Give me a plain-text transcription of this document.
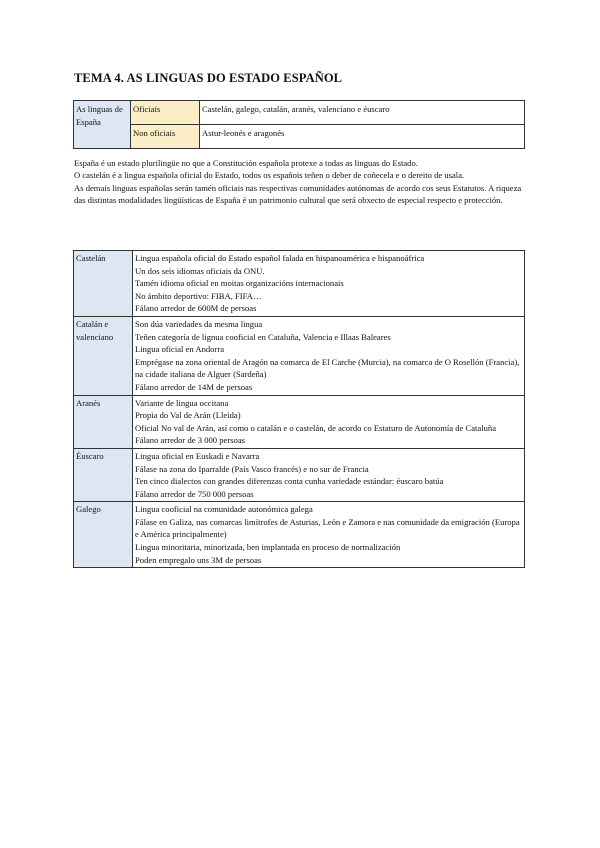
TEMA 4. AS LINGUAS DO ESTADO ESPAÑOL
As linguas de España	Oficiais	Castelán, galego, catalán, aranés, valenciano e éuscaro
	Non oficiais	Astur-leonés e aragonés

España é un estado plurilingüe no que a Constitución española protexe a todas as linguas do Estado.

O castelán é a lingua española oficial do Estado, todos os españois teñen o deber de coñecela e o dereito de usala.

As demais linguas españolas serán tamén oficiais nas respectivas comunidades autónomas de acordo cos seus Estatutos. A riqueza das distintas modalidades lingüísticas de España é un patrimonio cultural que será obxecto de especial respecto e protección.

Castelán	Lingua española oficial do Estado español falada en hispanoamérica e hispanoáfrica
Un dos seis idiomas oficiais da ONU.
Tamén idioma oficial en moitas organizacións internacionais
No ámbito deportivo: FIBA, FIFA…
Fálano arredor de 600M de persoas

Catalán e valenciano	Son dúa variedades da mesma lingua
Teñen categoría de lignua cooficial en Cataluña, Valencia e Illaas Baleares
Lingua oficial en Andorra
Emprégase na zona oriental de Aragón na comarca de El Carche (Murcia), na comarca de O Rosellón (Francia), na cidade italiana de Alguer (Sardeña)
Fálano arredor de 14M de persoas

Aranés	Variante de lingua occitana
Propia do Val de Arán (Lleida)
Oficial No val de Arán, así como o catalán e o castelán, de acordo co Estaturo de Autonomía de Cataluña
Fálano arredor de 3 000 persoas

Éuscaro	Lingua oficial en Euskadi e Navarra
Fálase na zona do Iparralde (País Vasco francés) e no sur de Francia
Ten cinco dialectos con grandes diferenzas conta cunha variedade estándar: éuscaro batúa
Fálano arredor de 750 000 persoas

Galego	Lingua cooficial na comunidade autonómica galega
Fálase en Galiza, nas comarcas limítrofes de Asturias, León e Zamora e nas comunidade da emigración (Europa e América principalmente)
Lingua minoritaria, minorizada, ben implantada en proceso de normalización
Poden empregalo uns 3M de persoas
